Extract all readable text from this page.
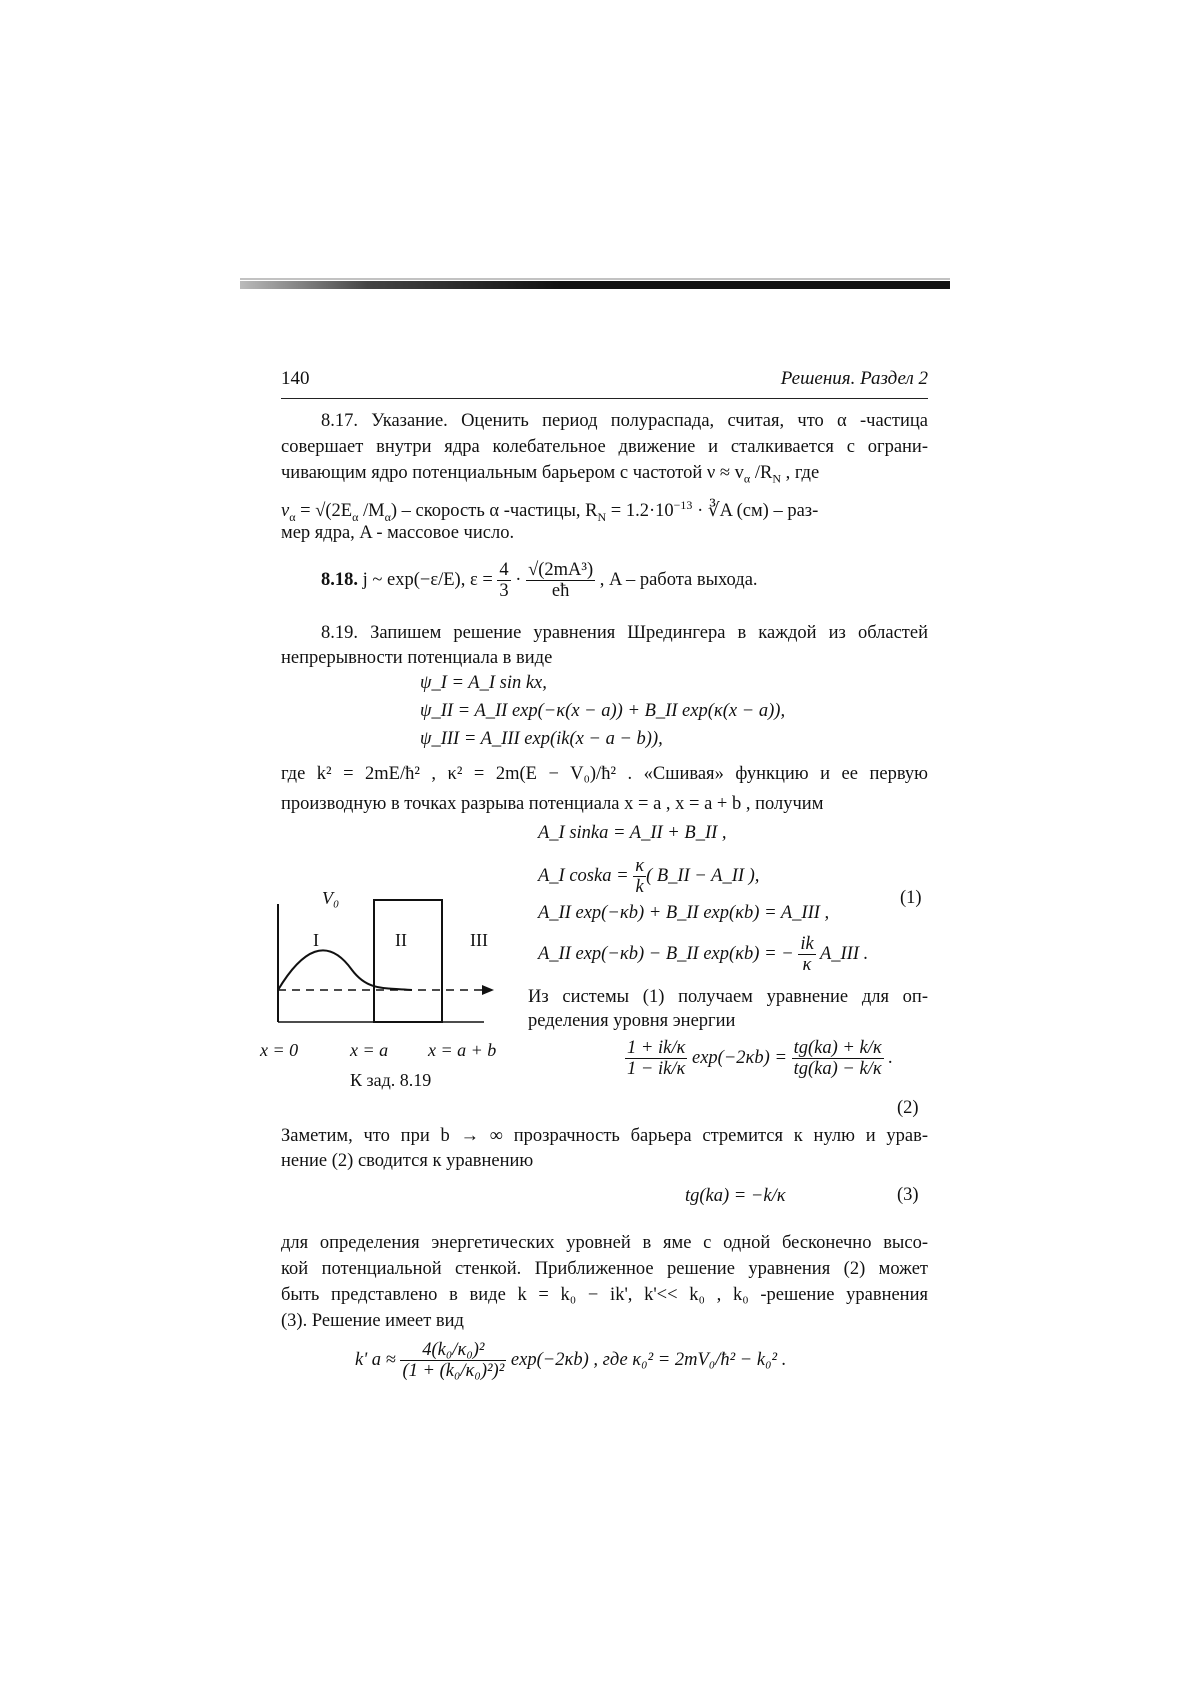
140	Решения. Раздел 2
8.17. Указание. Оценить период полураспада, считая, что α -частица
совершает внутри ядра колебательное движение и сталкивается с ограни-
чивающим ядро потенциальным барьером с частотой $\nu \approx v_\alpha$ $/R_N$ , где
$v_\alpha = √(2E_\alpha$ $/M_\alpha$) – скорость α -частицы, $R_N = 1.2\cdot 10^{-13}$ · ∛A (см) – раз-
мер ядра, A - массовое число.
8.18. j ~ exp(−ε/E), $\varepsilon = \frac{4}{3} \cdot \frac{\text{√(2mA³)}}{eħ}$ , A – работа выхода.
8.19. Запишем решение уравнения Шредингера в каждой из областей
непрерывности потенциала в виде
ψ_I = A_I sin kx,
ψ_II = A_II exp(−κ(x − a)) + B_II exp(κ(x − a)),
ψ_III = A_III exp(ik(x − a − b)),
где k² = 2mE/ħ² , κ² = 2m(E − V₀)/ħ² . «Сшивая» функцию и ее первую
производную в точках разрыва потенциала x = a , x = a + b , получим
A_I sinka = A_II + B_II ,
A_I coska = $\frac{\kappa}{k}$ ( B_II − A_II ),
A_II exp(−κb) + B_II exp(κb) = A_III ,
A_II exp(−κb) − B_II exp(κb) = − $\frac{ik}{\kappa}$ A_III .
(1)
Из системы (1) получаем уравнение для оп-
ределения уровня энергии
$\frac{1 + ik/\kappa}{1 - ik/\kappa} \exp(-2\kappa b) = \frac{tg(ka) + k/\kappa}{tg(ka) - k/\kappa}$ .
(2)
Заметим, что при b → ∞ прозрачность барьера стремится к нулю и урав-
нение (2) сводится к уравнению
tg(ka) = −k/κ	(3)
для определения энергетических уровней в яме с одной бесконечно высо-
кой потенциальной стенкой. Приближенное решение уравнения (2) может
быть представлено в виде k = k₀ − ik', k'<< k₀ , k₀ -решение уравнения
(3). Решение имеет вид
k' $a \approx \frac{\text{4(k₀/κ₀)²}}{\text{(1 + (k₀/κ₀)²)²}} \exp(-2\kappa b)$ , где κ₀² = 2mV₀/ħ² − k₀² .
V₀
I	II	III
x = 0	x = a x = a + b
К зад. 8.19
